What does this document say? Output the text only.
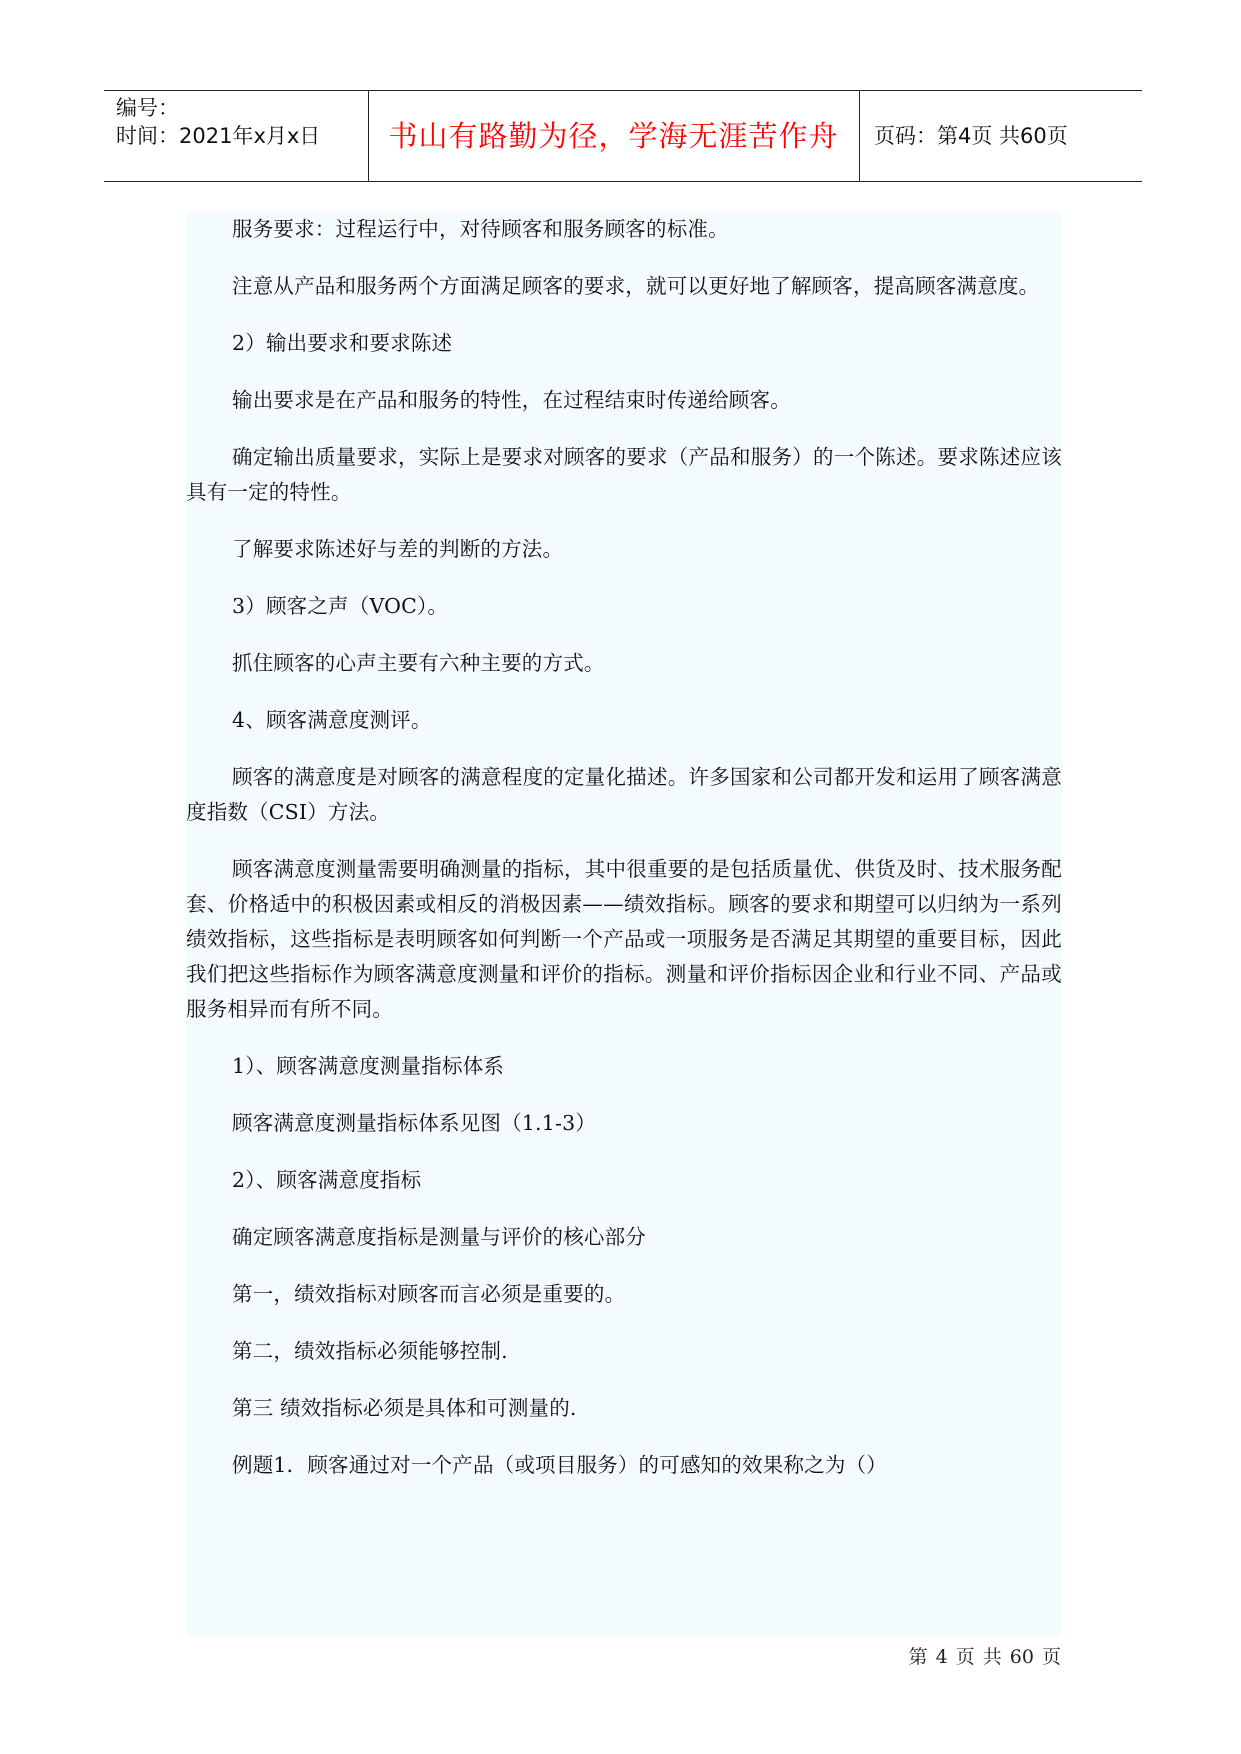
编号：
时间：2021年x月x日	书山有路勤为径，学海无涯苦作舟	页码：第4页 共60页

服务要求：过程运行中，对待顾客和服务顾客的标准。

注意从产品和服务两个方面满足顾客的要求，就可以更好地了解顾客，提高顾客满意度。

2）输出要求和要求陈述

输出要求是在产品和服务的特性，在过程结束时传递给顾客。

确定输出质量要求，实际上是要求对顾客的要求（产品和服务）的一个陈述。要求陈述应该具有一定的特性。

了解要求陈述好与差的判断的方法。

3）顾客之声（VOC）。

抓住顾客的心声主要有六种主要的方式。

4、顾客满意度测评。

顾客的满意度是对顾客的满意程度的定量化描述。许多国家和公司都开发和运用了顾客满意度指数（CSI）方法。

顾客满意度测量需要明确测量的指标，其中很重要的是包括质量优、供货及时、技术服务配套、价格适中的积极因素或相反的消极因素——绩效指标。顾客的要求和期望可以归纳为一系列绩效指标，这些指标是表明顾客如何判断一个产品或一项服务是否满足其期望的重要目标，因此我们把这些指标作为顾客满意度测量和评价的指标。测量和评价指标因企业和行业不同、产品或服务相异而有所不同。

1）、顾客满意度测量指标体系

顾客满意度测量指标体系见图（1.1-3）

2）、顾客满意度指标

确定顾客满意度指标是测量与评价的核心部分

第一，绩效指标对顾客而言必须是重要的。

第二，绩效指标必须能够控制.

第三 绩效指标必须是具体和可测量的.

例题1．顾客通过对一个产品（或项目服务）的可感知的效果称之为（）

第 4 页 共 60 页
